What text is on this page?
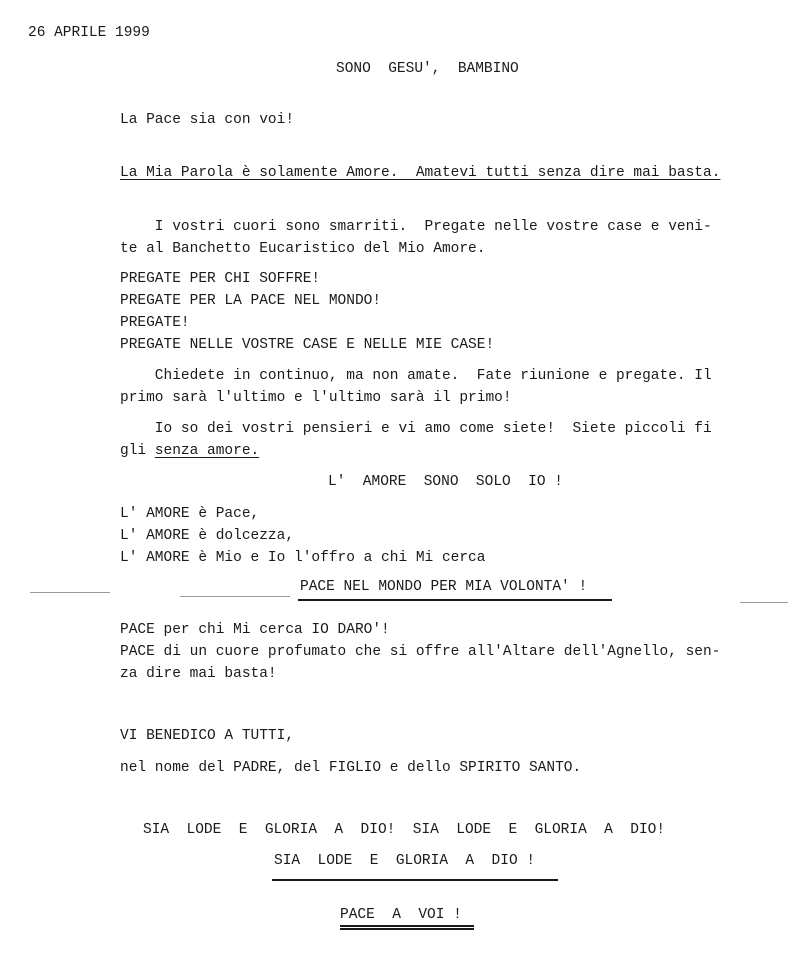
26 APRILE 1999
SONO  GESU',  BAMBINO
La Pace sia con voi!
La Mia Parola è solamente Amore.  Amatevi tutti senza dire mai basta.
I vostri cuori sono smarriti.  Pregate nelle vostre case e veni-
te al Banchetto Eucaristico del Mio Amore.
PREGATE PER CHI SOFFRE!
PREGATE PER LA PACE NEL MONDO!
PREGATE!
PREGATE NELLE VOSTRE CASE E NELLE MIE CASE!
Chiedete in continuo, ma non amate.  Fate riunione e pregate. Il
primo sarà l'ultimo e l'ultimo sarà il primo!
Io so dei vostri pensieri e vi amo come siete!  Siete piccoli fi
gli senza amore.
L'  AMORE  SONO  SOLO  IO !
L' AMORE è Pace,
L' AMORE è dolcezza,
L' AMORE è Mio e Io l'offro a chi Mi cerca
PACE NEL MONDO PER MIA VOLONTA' !
PACE per chi Mi cerca IO DARO'!
PACE di un cuore profumato che si offre all'Altare dell'Agnello, sen-
za dire mai basta!
VI BENEDICO A TUTTI,
nel nome del PADRE, del FIGLIO e dello SPIRITO SANTO.
SIA  LODE  E  GLORIA  A  DIO!  SIA  LODE  E  GLORIA  A  DIO!
SIA  LODE  E  GLORIA  A  DIO !
PACE  A  VOI !
